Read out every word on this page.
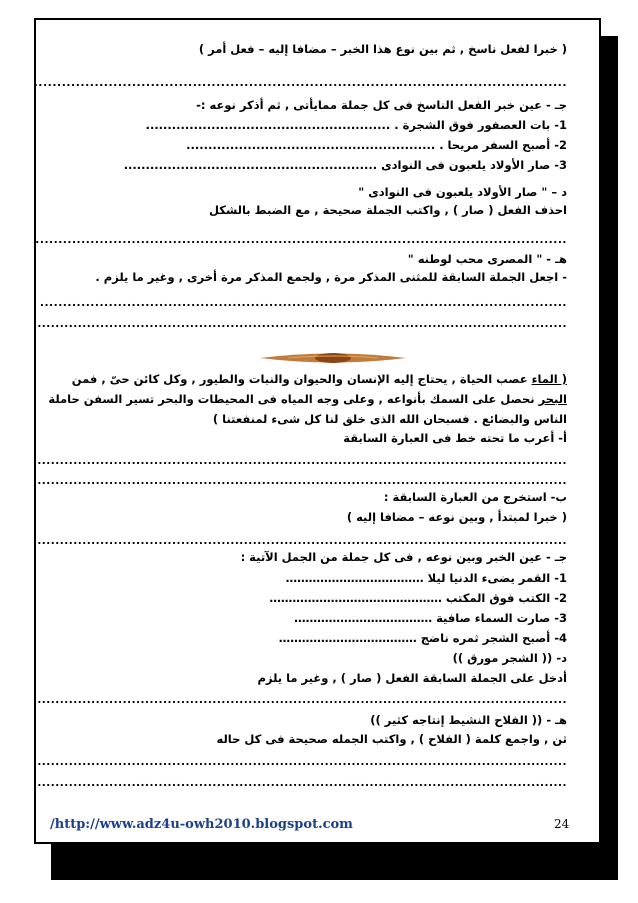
( خبرا لفعل ناسخ , ثم بين نوع هذا الخبر – مضافا إليه – فعل أمر )
..................................................................................................................
جـ - عين خبر الفعل الناسخ فى كل جملة ممايأتى , ثم أذكر نوعه :-
1- بات العصفور فوق الشجرة . ........................................................
2- أصبح السفر مريحا . .........................................................
3- صار الأولاد يلعبون فى النوادى ..........................................................
د – " صار الأولاد يلعبون فى النوادى "
احذف الفعل ( صار ) , واكتب الجملة صحيحة , مع الضبط بالشكل
....................................................................................................................
هـ - " المصرى محب لوطنه "
- اجعل الجملة السابقة للمثنى المذكر مرة , ولجمع المذكر مرة أخرى , وغير ما يلزم .
...................................................................................................................
......................................................................................................................
( الماء عصب الحياة , يحتاج إليه الإنسان والحيوان والنبات والطيور , وكل كائن حىّ , فمن
البحر نحصل على السمك بأنواعه , وعلى وجه المياه فى المحيطات والبحر تسير السفن حاملة
الناس والبضائع . فسبحان الله الذى خلق لنا كل شىء لمنفعتنا )
أ- أعرب ما تحته خط فى العبارة السابقة
......................................................................................................................
......................................................................................................................
ب- استخرج من العبارة السابقة :
( خبرا لمبتدأ , وبين نوعه – مضافا إليه )
......................................................................................................................
جـ - عين الخبر وبين نوعه , فى كل جملة من الجمل الآتية :
1- القمر يضىء الدنيا ليلا ………………………………
2- الكتب فوق المكتب ………………………………………
3- صارت السماء صافية ………………………………
4- أصبح الشجر ثمره ناضج ………………………………
د- (( الشجر مورق ))
أدخل على الجملة السابقة الفعل ( صار ) , وغير ما يلزم
......................................................................................................................
هـ - (( الفلاح النشيط إنتاجه كثير ))
ثن , واجمع كلمة ( الفلاح ) , واكتب الجمله صحيحة فى كل حاله
......................................................................................................................
......................................................................................................................
/http://www.adz4u-owh2010.blogspot.com	24
